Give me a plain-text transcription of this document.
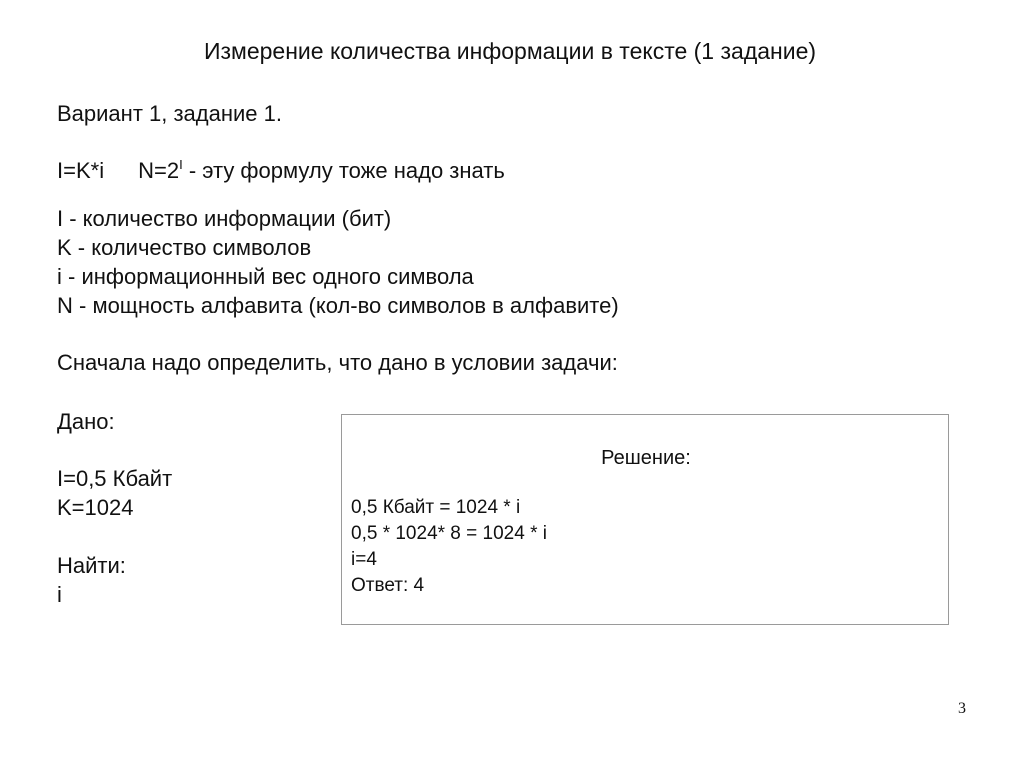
Измерение количества информации в тексте (1 задание)
Вариант 1, задание 1.
I=K*i $N=2^I$ - эту формулу тоже надо знать
I - количество информации (бит)
K - количество символов
i - информационный вес одного символа
N - мощность алфавита (кол-во символов в алфавите)
Сначала надо определить, что дано в условии задачи:
Дано:
I=0,5 Кбайт
K=1024
Найти:
i
Решение:
0,5 Кбайт = 1024 * i
0,5 * 1024* 8 = 1024 * i
i=4
Ответ: 4
3
